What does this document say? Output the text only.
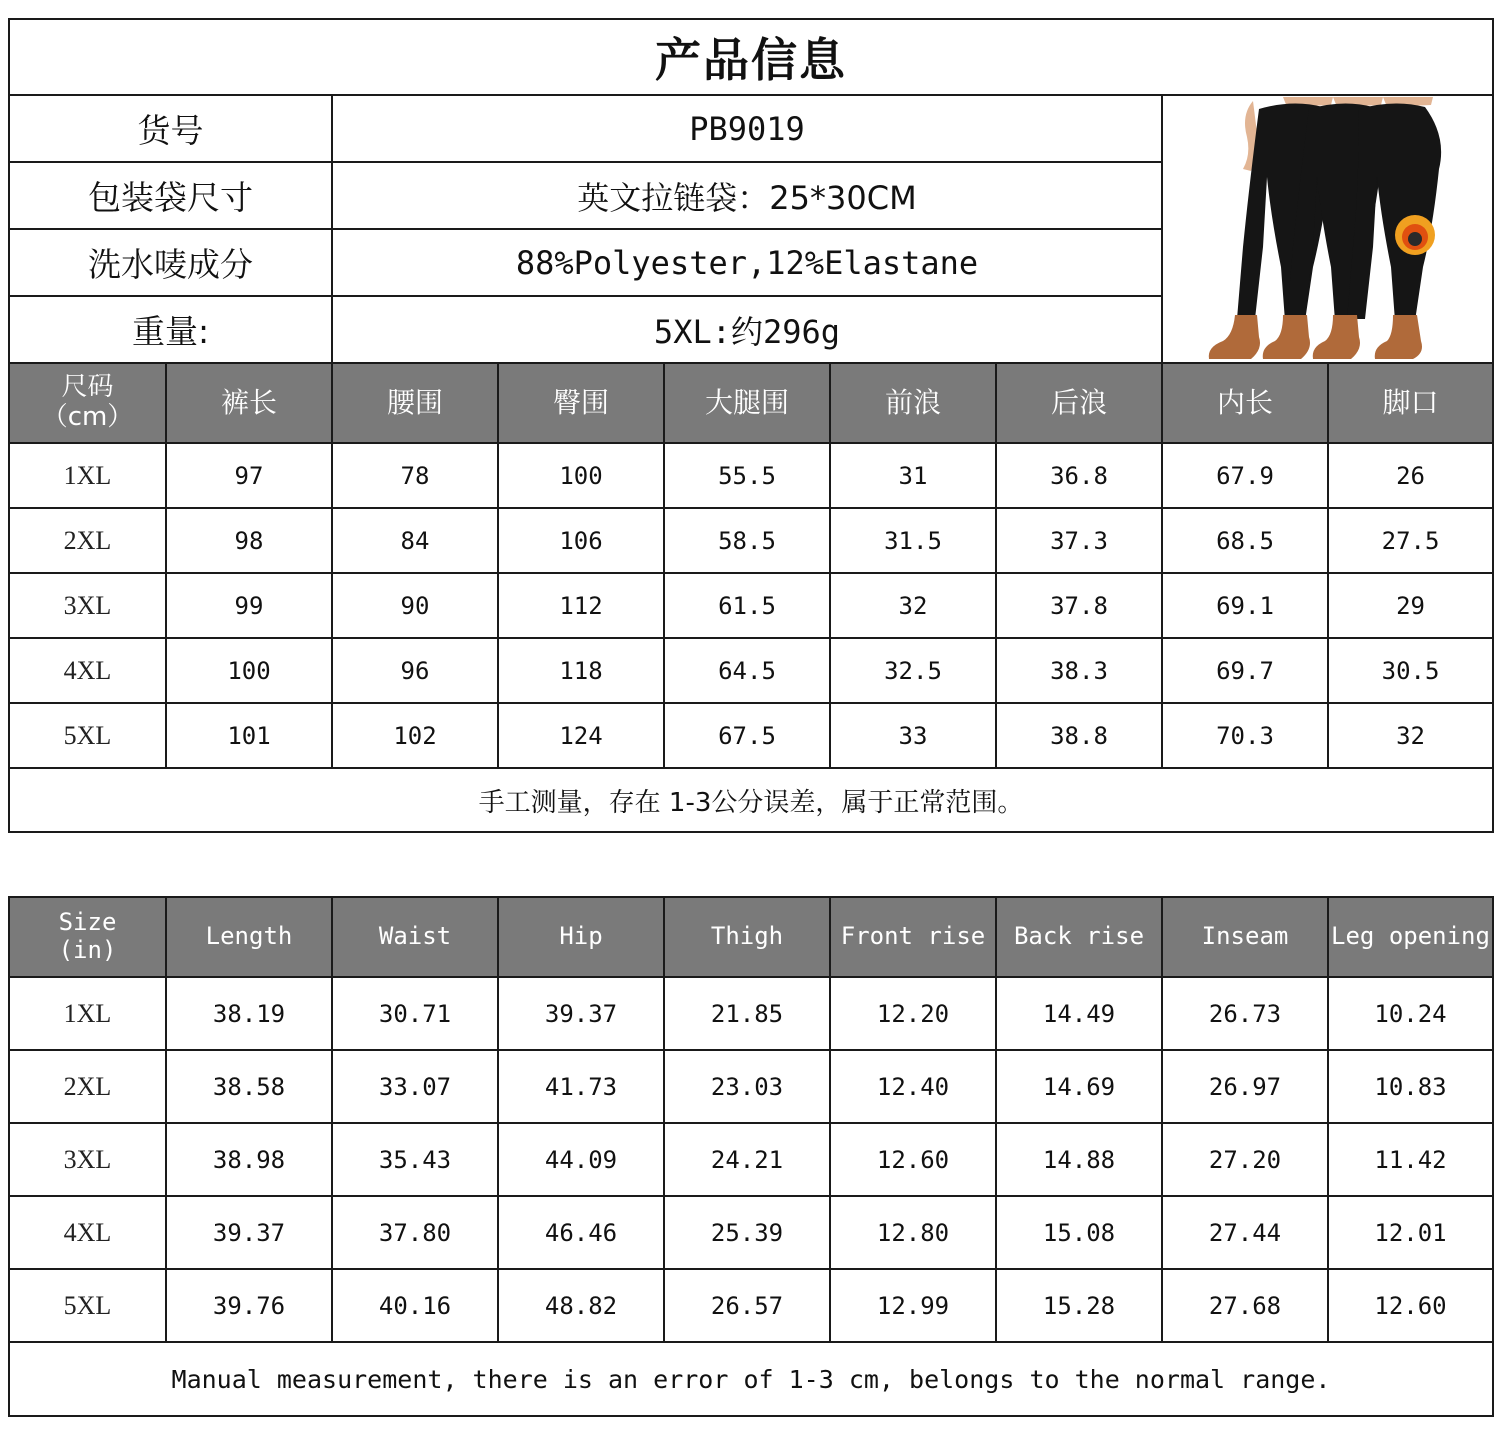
产品信息								
货号		PB9019	

包装袋尺寸		英文拉链袋：25*30CM						
洗水唛成分		88%Polyester,12%Elastane						
重量:		5XL:约296g						

尺码
（cm）	裤长	腰围	臀围	大腿围	前浪	后浪	内长	脚口
1XL	97	78	100	55.5	31	36.8	67.9	26
2XL	98	84	106	58.5	31.5	37.3	68.5	27.5
3XL	99	90	112	61.5	32	37.8	69.1	29
4XL	100	96	118	64.5	32.5	38.3	69.7	30.5
5XL	101	102	124	67.5	33	38.8	70.3	32
手工测量，存在 1-3公分误差，属于正常范围。								
Size
(in)	Length	Waist	Hip	Thigh	Front rise	Back rise	Inseam	Leg opening
1XL	38.19	30.71	39.37	21.85	12.20	14.49	26.73	10.24
2XL	38.58	33.07	41.73	23.03	12.40	14.69	26.97	10.83
3XL	38.98	35.43	44.09	24.21	12.60	14.88	27.20	11.42
4XL	39.37	37.80	46.46	25.39	12.80	15.08	27.44	12.01
5XL	39.76	40.16	48.82	26.57	12.99	15.28	27.68	12.60
Manual measurement, there is an error of 1-3 cm, belongs to the normal range.								
